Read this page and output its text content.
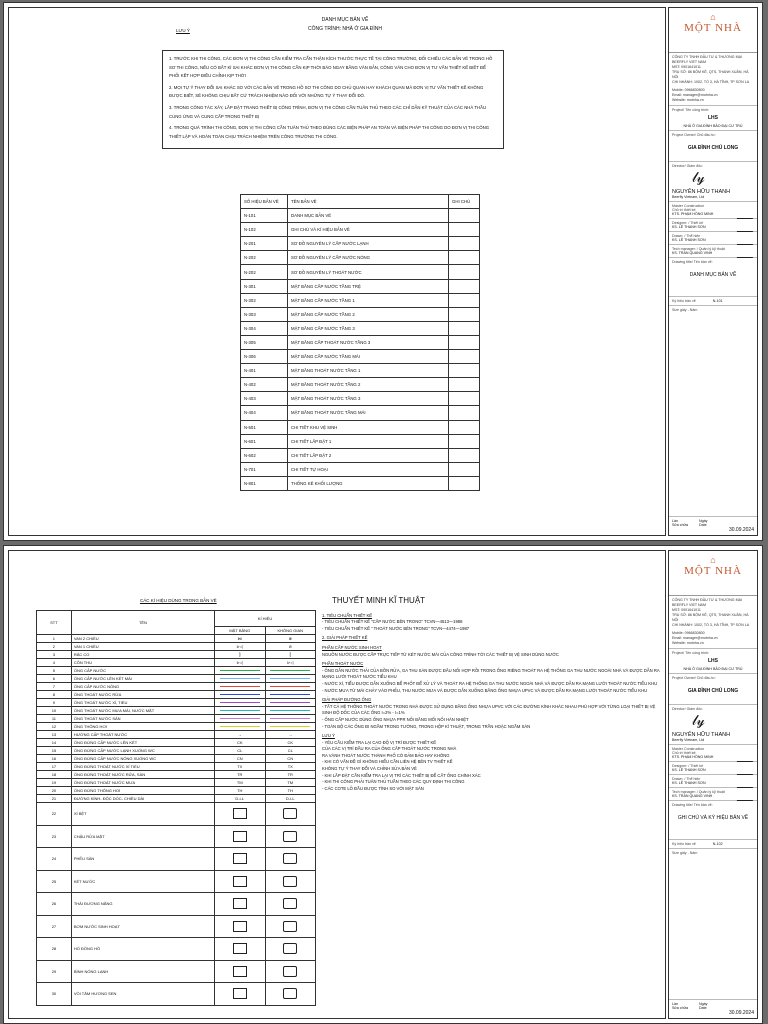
⌂
MỘT NHÀ
CÔNG TY TNHH ĐẦU TƯ & THƯƠNG MẠI
BEERFLY VIET NAM
MST: 0901641011
TRỤ SỞ: 86 BỘM KÊ, QTS, THANH XUÂN, HÀ NỘI
CHI NHÁNH: 1002, TỔ 3, HÀ TĨNH, TP SƠN LA
Mobile: 0966830800
Email: manager@motnha.vn
Website: motnha.vn
Project/ Tên công trình:
LHS
NHÀ Ở GIA ĐÌNH BẢO ĐẠI CƯ TRÚ
Project Owner/ Chủ đầu tư:
GIA ĐÌNH CHÚ LONG
Director/ Giám đốc:
𝓁𝓎
NGUYỄN HỮU THANH
Beerfly Vietnam, Ltd
Master Construction
Chủ trì thiết kế:
KTS. PHẠM HỒNG MINH
Designer: / Thiết kế
KS. LÊ THANH SƠN
Drawn: / Thể hiện
KS. LÊ THANH SƠN
Tech manager: / Quản lý kỹ thuật
KS. TRẦN QUANG VINH
Drawing title/ Tên bản vẽ:
DANH MỤC BẢN VẼ
Ký hiệu bản vẽ	N-101
Size giấy - Nâm
Lần	Ngày
Sửa chữa	Date
30.09.2024
DANH MỤC BẢN VẼ
CÔNG TRÌNH: NHÀ Ở GIA ĐÌNH
LƯU Ý

1. TRƯỚC KHI THI CÔNG, CÁC ĐƠN VỊ THI CÔNG CẦN KIỂM TRA CẨN THẬN KÍCH THƯỚC THỰC TẾ TẠI CÔNG TRƯỜNG, ĐỐI CHIẾU CÁC BẢN VẼ TRONG HỒ SƠ THI CÔNG, NẾU CÓ BẤT KÌ SAI KHÁC ĐƠN VỊ THI CÔNG CẦN KỊP THỜI BÁO NGAY BẰNG VĂN BẢN, CÔNG VĂN CHO ĐƠN VỊ TƯ VẤN THIẾT KẾ BIẾT ĐỂ PHỐI KẾT HỢP ĐIỀU CHỈNH KỊP THỜI

2. MỌI TỰ Ý THAY ĐỔI SAI KHÁC SO VỚI CÁC BẢN VẼ TRONG HỒ SƠ THI CÔNG DO CHỦ QUAN HAY KHÁCH QUAN MÀ ĐƠN VỊ TƯ VẤN THIẾT KẾ KHÔNG ĐƯỢC BIẾT, SẼ KHÔNG CHỊU BẤT CỨ TRÁCH NHIỆM NÀO ĐỐI VỚI NHỮNG TỰ Ý THAY ĐỔI ĐÓ.

3. TRONG CÔNG TÁC XÂY, LẮP ĐẶT TRANG THIẾT BỊ CÔNG TRÌNH, ĐƠN VỊ THI CÔNG CẦN TUÂN THỦ THEO CÁC CHỈ DẪN KỸ THUẬT CỦA CÁC NHÀ THẦU CUNG ỨNG VÀ CUNG CẤP TRONG THIẾT BỊ

4. TRONG QUÁ TRÌNH THI CÔNG, ĐƠN VỊ THI CÔNG CẦN TUÂN THỦ THEO ĐÚNG CÁC BIỆN PHÁP AN TOÀN VÀ BIỆN PHÁP THI CÔNG DO ĐƠN VỊ THI CÔNG THIẾT LẬP VÀ HOÀN TOÀN CHỊU TRÁCH NHIỆM TRÊN CÔNG TRƯỜNG THI CÔNG.

SỐ HIỆU BẢN VẼ	TÊN BẢN VẼ	GHI CHÚ
N-101	DANH MỤC BẢN VẼ	
N-102	GHI CHÚ VÀ KÍ HIỆU BẢN VẼ	
N-201	SƠ ĐỒ NGUYÊN LÝ CẤP NƯỚC LẠNH	
N-202	SƠ ĐỒ NGUYÊN LÝ CẤP NƯỚC NÓNG	
N-202	SƠ ĐỒ NGUYÊN LÝ THOÁT NƯỚC	
N-301	MẶT BẰNG CẤP NƯỚC TẦNG TRỆ	
N-302	MẶT BẰNG CẤP NƯỚC TẦNG 1	
N-303	MẶT BẰNG CẤP NƯỚC TẦNG 2	
N-304	MẶT BẰNG CẤP NƯỚC TẦNG 3	
N-305	MẶT BẰNG CẤP THOÁT NƯỚC TẦNG 3	
N-306	MẶT BẰNG CẤP NƯỚC TẦNG MÁI	
N-401	MẶT BẰNG THOÁT NƯỚC TẦNG 1	
N-402	MẶT BẰNG THOÁT NƯỚC TẦNG 2	
N-403	MẶT BẰNG THOÁT NƯỚC TẦNG 3	
N-404	MẶT BẰNG THOÁT NƯỚC TẦNG MÁI	
N-501	CHI TIẾT KHU VỆ SINH	
N-601	CHI TIẾT LẮP ĐẶT 1	
N-602	CHI TIẾT LẮP ĐẶT 2	
N-701	CHI TIẾT TỰ HOẠI	
N-801	THỐNG KÊ KHỐI LƯỢNG	
⌂
MỘT NHÀ
CÔNG TY TNHH ĐẦU TƯ & THƯƠNG MẠI
BEERFLY VIET NAM
MST: 0901641011
TRỤ SỞ: 86 BỘM KÊ, QTS, THANH XUÂN, HÀ NỘI
CHI NHÁNH: 1002, TỔ 3, HÀ TĨNH, TP SƠN LA
Mobile: 0966830800
Email: manager@motnha.vn
Website: motnha.vn
Project/ Tên công trình:
LHS
NHÀ Ở GIA ĐÌNH BẢO ĐẠI CƯ TRÚ
Project Owner/ Chủ đầu tư:
GIA ĐÌNH CHÚ LONG
Director/ Giám đốc:
𝓁𝓎
NGUYỄN HỮU THANH
Beerfly Vietnam, Ltd
Master Construction
Chủ trì thiết kế:
KTS. PHẠM HỒNG MINH
Designer: / Thiết kế
KS. LÊ THANH SƠN
Drawn: / Thể hiện
KS. LÊ THANH SƠN
Tech manager: / Quản lý kỹ thuật
KS. TRẦN QUANG VINH
Drawing title/ Tên bản vẽ:
GHI CHÚ VÀ KÝ HIỆU BẢN VẼ
Ký hiệu bản vẽ	N-102
Size giấy - Nâm
Lần	Ngày
Sửa chữa	Date
30.09.2024
CÁC KÍ HIỆU DÙNG TRONG BẢN VẼ
STT	TÊN	KÍ HIỆU	
		MẶT BẰNG	KHÔNG GIAN
1	VAN 2 CHIỀU	⋈	⊗
2	VAN 1 CHIỀU	⊳◁	⊘
3	RẮC CO	⫿	⫿
4	CÔN THU	⊳◁	⊳◁
5	ỐNG CẤP NƯỚC		
6	ỐNG CẤP NƯỚC LÊN KÉT MÁI		
7	ỐNG CẤP NƯỚC NÓNG		
8	ỐNG THOÁT NƯỚC RỬA		
9	ỐNG THOÁT NƯỚC XÍ, TIỂU		
10	ỐNG THOÁT NƯỚC MƯA MÁI, NƯỚC MẶT		
11	ỐNG THOÁT NƯỚC SÀN		
12	ỐNG THÔNG HƠI		
13	HƯỚNG CẤP THOÁT NƯỚC	→	→
14	ỐNG ĐỨNG CẤP NƯỚC LÊN KÉT	CK	CK
15	ỐNG ĐỨNG CẤP NƯỚC LẠNH XUỐNG WC	CL	CL
16	ỐNG ĐỨNG CẤP NƯỚC NÓNG XUỐNG WC	CN	CN
17	ỐNG ĐỨNG THOÁT NƯỚC XÍ TIỂU	TX	TX
18	ỐNG ĐỨNG THOÁT NƯỚC RỬA, SÀN	TR	TR
19	ỐNG ĐỨNG THOÁT NƯỚC MƯA	TM	TM
20	ỐNG ĐỨNG THÔNG HƠI	TH	TH
21	ĐƯỜNG KÍNH- ĐỘC DỐC- CHIỀU DÀI	D-i-L	D-i-L
22	XÍ BỆT		
23	CHẬU RỬA MẶT		
24	PHỄU SÀN		
25	KÉT NƯỚC		
26	THÁI ĐƯƠNG NĂNG		
27	BƠM NƯỚC SINH HOẠT		
28	HỐ ĐỒNG HỒ		
29	BÌNH NÓNG LẠNH		
30	VÒI TẮM HƯƠNG SEN		
THUYẾT MINH KĨ THUẬT

1. TIÊU CHUẨN THIẾT KẾ

- TIÊU CHUẨN THIẾT KẾ "CẤP NƯỚC BÊN TRONG" TCVN—4513—1988

- TIÊU CHUẨN THIẾT KẾ " THOÁT NƯỚC BÊN TRONG" TCVN—4474—1987

2. GIẢI PHÁP THIẾT KẾ

PHẦN CẤP NƯỚC SINH HOẠT

NGUỒN NƯỚC ĐƯỢC CẤP TRỰC TIẾP TỪ KÉT NƯỚC MÁI CỦA CÔNG TRÌNH TỚI CÁC THIẾT BỊ VỆ SINH DÙNG NƯỚC

PHẦN THOÁT NƯỚC

- ỐNG DẪN NƯỚC THẢI CỦA BỒN RỬA, GA THU SÀN ĐƯỢC ĐẤU NỐI HỢP RỒI TRONG ỐNG RIÊNG THOÁT RA HỆ THỐNG GA THU NƯỚC NGOÀI NHÀ VÀ ĐƯỢC DẪN RA MẠNG LƯỚI THOÁT NƯỚC TIỂU KHU

- NƯỚC XÍ, TIỂU ĐƯỢC DẪN XUỐNG BỂ PHỐT ĐỂ XỬ LÝ VÀ THOÁT RA HỆ THỐNG GA THU NƯỚC NGOÀI NHÀ VÀ ĐƯỢC DẪN RA MẠNG LƯỚI THOÁT NƯỚC TIỂU KHU

- NƯỚC MƯA TỪ MÁI CHẢY VÀO PHỄU, THU NƯỚC MƯA VÀ ĐƯỢC DẪN XUỐNG BẰNG ỐNG NHỰA UPVC VÀ ĐƯỢC DẪN RA MẠNG LƯỚI THOÁT NƯỚC TIỂU KHU

GIẢI PHÁP ĐƯỜNG ỐNG

- TẤT CẢ HỆ THỐNG THOÁT NƯỚC TRONG NHÀ ĐƯỢC SỬ DỤNG BẰNG ỐNG NHỰA UPVC VỚI CÁC ĐƯỜNG KÍNH KHÁC NHAU PHÙ HỢP VỚI TỪNG LOẠI THIẾT BỊ VỆ SINH ĐỘ DỐC CỦA CÁC ỐNG I=2% - I=1%

- ỐNG CẤP NƯỚC DÙNG ỐNG NHỰA PPR NỐI BẰNG MỐI NỐI HÀN NHIỆT

- TOÀN BỘ CÁC ỐNG ĐI NGẦM TRONG TƯỜNG, TRONG HỘP KĨ THUẬT, TRONG TRẦN HOẶC NGẦM SÀN

LƯU Ý

- YÊU CẦU KIỂM TRA LẠI CAO ĐỘ VỊ TRÍ ĐƯỢC THIẾT KẾ

CỦA CÁC VỊ TRÍ ĐẦU RA CỦA ỐNG CẤP THOÁT NƯỚC TRONG NHÀ

RA VÀNH THOÁT NƯỚC THÀNH PHỐ CÓ ĐẢM BẢO HAY KHÔNG

- KHI CÓ VẤN ĐỀ GÌ KHÔNG HIỂU CẦN LIÊN HỆ BÊN TV THIẾT KẾ

KHÔNG TỰ Ý THAY ĐỔI VÀ CHỈNH SỬA BẢN VẼ

- KHI LẮP ĐẶT CẦN KIỂM TRA LẠI VỊ TRÍ CÁC THIẾT BỊ ĐỂ CẮT ỐNG CHÍNH XÁC

- KHI THI CÔNG PHẢI TUÂN THỦ TUẦN THEO CÁC QUY ĐỊNH THI CÔNG

- CÁC COTE LỖ ĐẦU ĐƯỢC TÍNH SO VỚI MẶT SÀN
